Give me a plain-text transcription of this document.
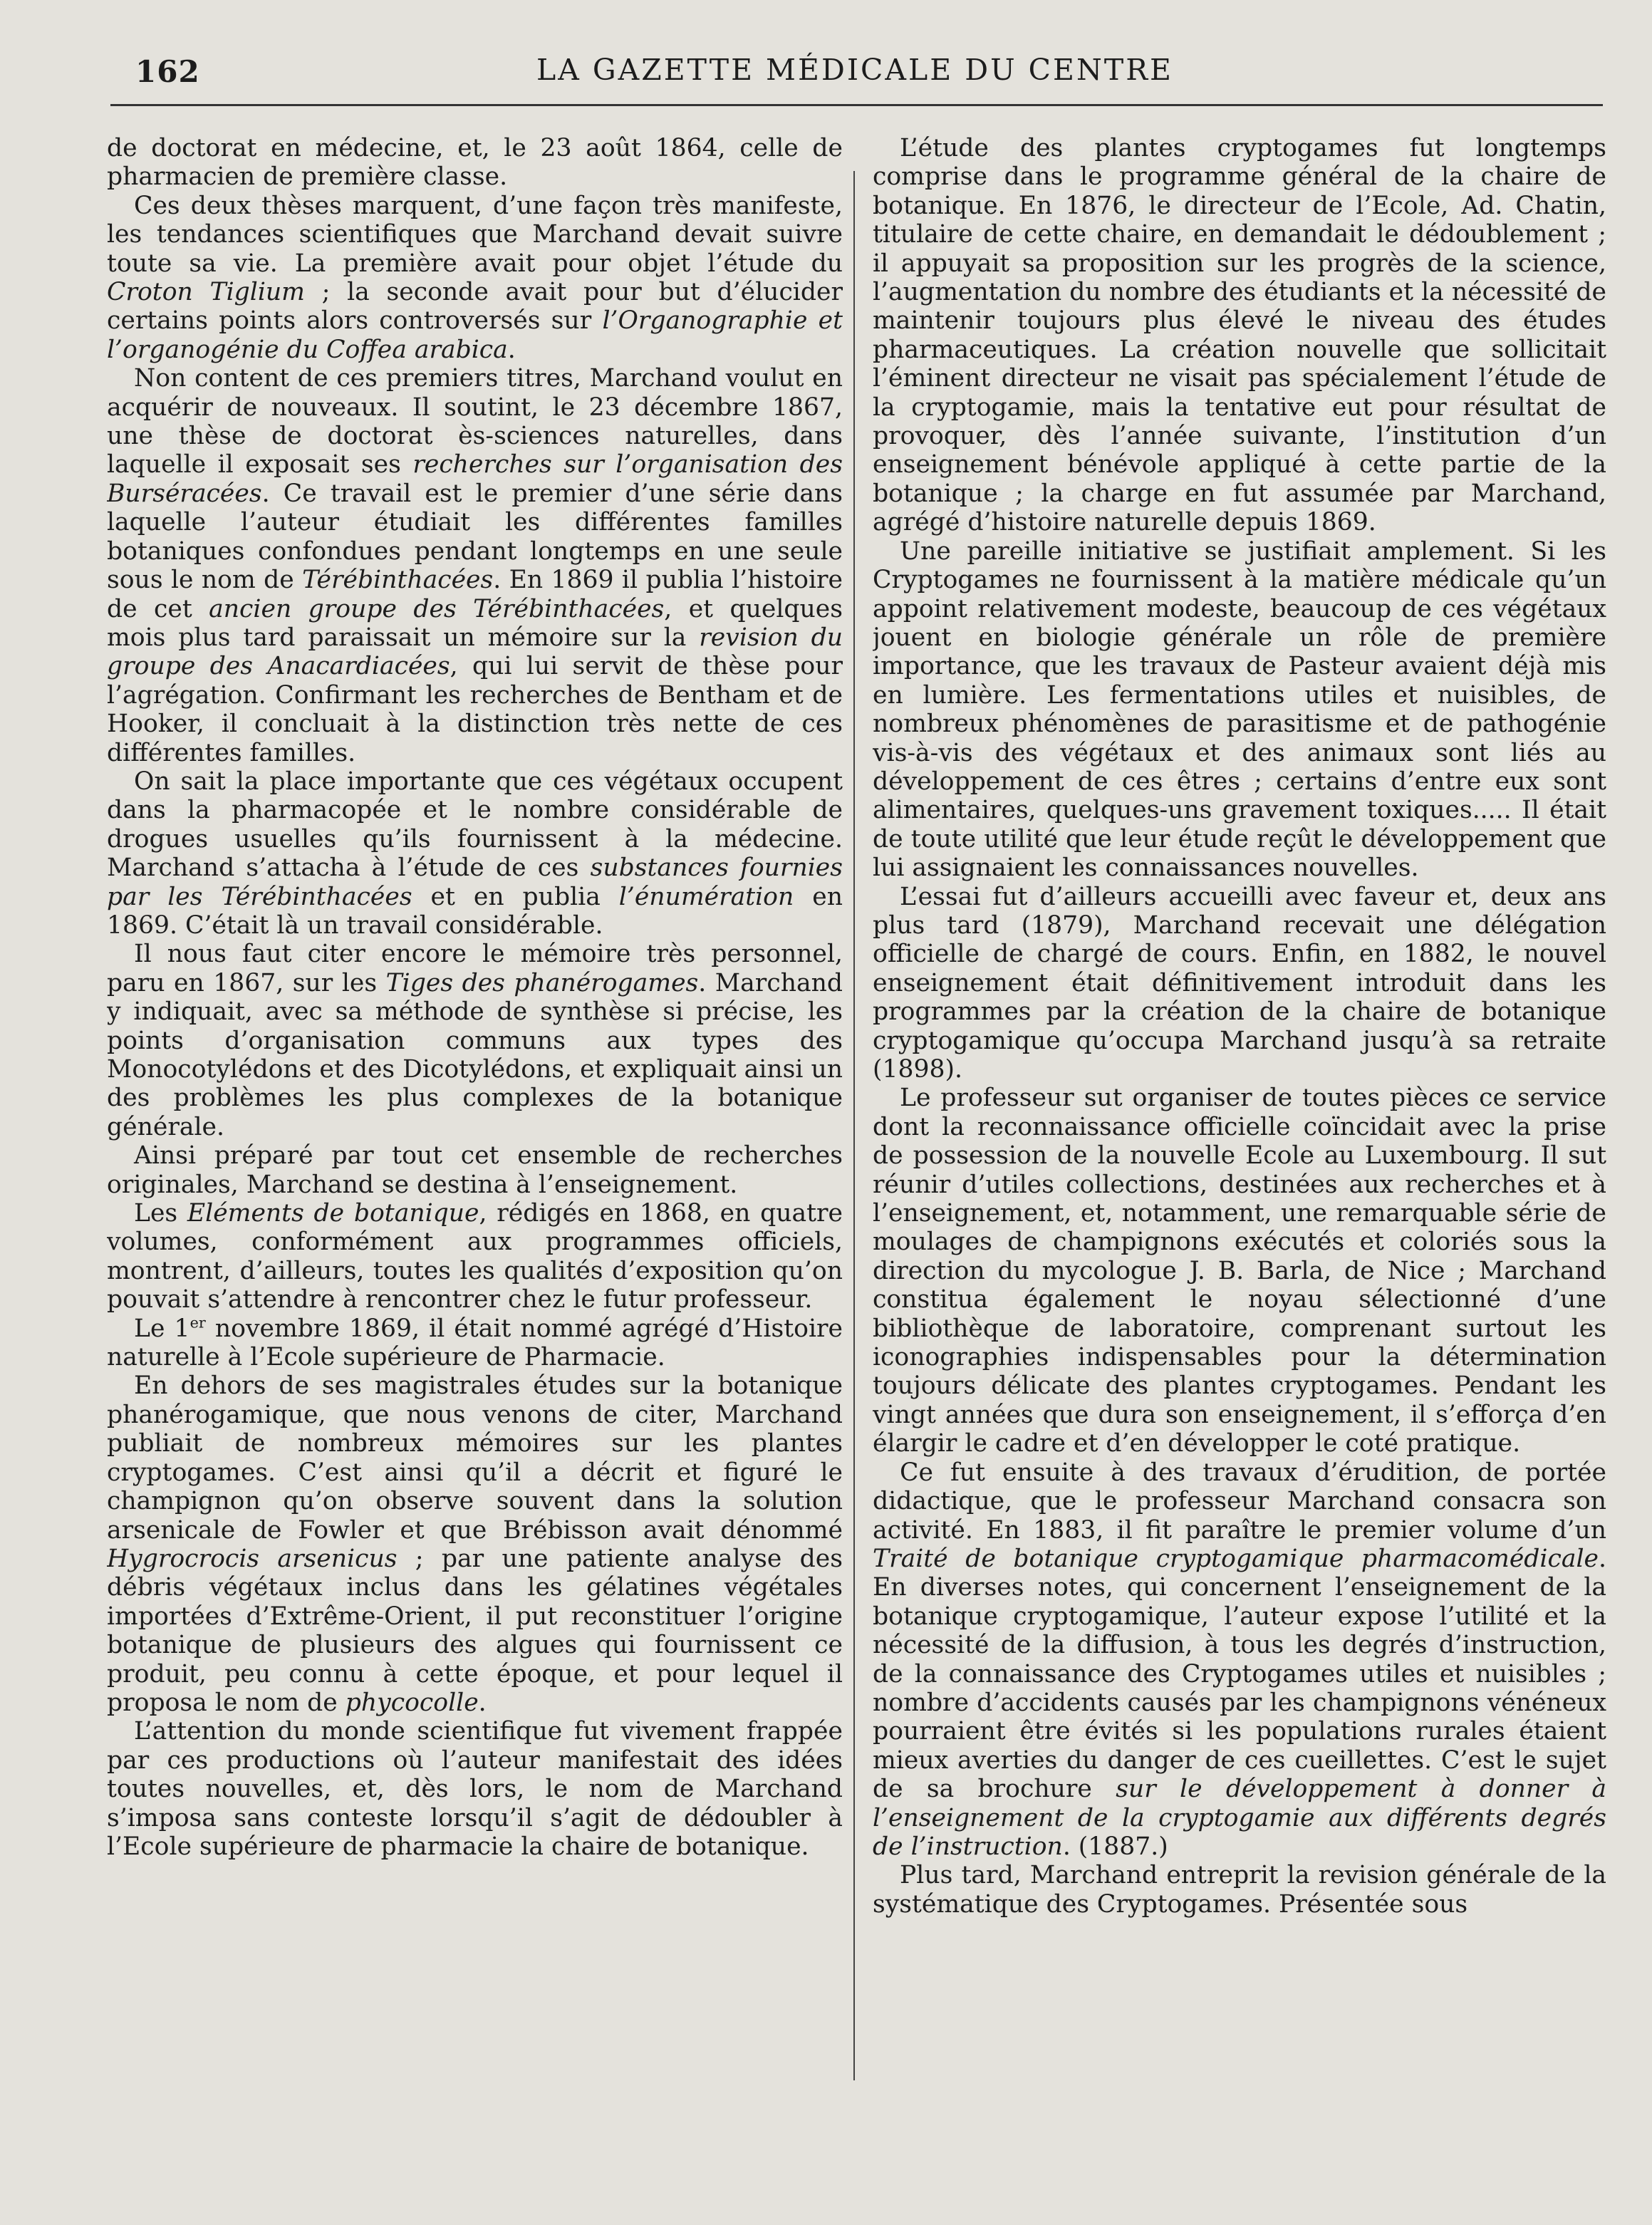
162	LA GAZETTE MÉDICALE DU CENTRE

de doctorat en médecine, et, le 23 août 1864, celle de pharmacien de première classe.

Ces deux thèses marquent, d’une façon très manifeste, les tendances scientifiques que Marchand devait suivre toute sa vie. La première avait pour objet l’étude du Croton Tiglium ; la seconde avait pour but d’élucider certains points alors controversés sur l’Organographie et l’organogénie du Coffea arabica.

Non content de ces premiers titres, Marchand voulut en acquérir de nouveaux. Il soutint, le 23 décembre 1867, une thèse de doctorat ès-sciences naturelles, dans laquelle il exposait ses recherches sur l’organisation des Burséracées. Ce travail est le premier d’une série dans laquelle l’auteur étudiait les différentes familles botaniques confondues pendant longtemps en une seule sous le nom de Térébinthacées. En 1869 il publia l’histoire de cet ancien groupe des Térébinthacées, et quelques mois plus tard paraissait un mémoire sur la revision du groupe des Anacardiacées, qui lui servit de thèse pour l’agrégation. Confirmant les recherches de Bentham et de Hooker, il concluait à la distinction très nette de ces différentes familles.

On sait la place importante que ces végétaux occupent dans la pharmacopée et le nombre considérable de drogues usuelles qu’ils fournissent à la médecine. Marchand s’attacha à l’étude de ces substances fournies par les Térébinthacées et en publia l’énumération en 1869. C’était là un travail considérable.

Il nous faut citer encore le mémoire très personnel, paru en 1867, sur les Tiges des phanérogames. Marchand y indiquait, avec sa méthode de synthèse si précise, les points d’organisation communs aux types des Monocotylédons et des Dicotylédons, et expliquait ainsi un des problèmes les plus complexes de la botanique générale.

Ainsi préparé par tout cet ensemble de recherches originales, Marchand se destina à l’enseignement.

Les Eléments de botanique, rédigés en 1868, en quatre volumes, conformément aux programmes officiels, montrent, d’ailleurs, toutes les qualités d’exposition qu’on pouvait s’attendre à rencontrer chez le futur professeur.

Le 1er novembre 1869, il était nommé agrégé d’Histoire naturelle à l’Ecole supérieure de Pharmacie.

En dehors de ses magistrales études sur la botanique phanérogamique, que nous venons de citer, Marchand publiait de nombreux mémoires sur les plantes cryptogames. C’est ainsi qu’il a décrit et figuré le champignon qu’on observe souvent dans la solution arsenicale de Fowler et que Brébisson avait dénommé Hygrocrocis arsenicus ; par une patiente analyse des débris végétaux inclus dans les gélatines végétales importées d’Extrême-Orient, il put reconstituer l’origine botanique de plusieurs des algues qui fournissent ce produit, peu connu à cette époque, et pour lequel il proposa le nom de phycocolle.

L’attention du monde scientifique fut vivement frappée par ces productions où l’auteur manifestait des idées toutes nouvelles, et, dès lors, le nom de Marchand s’imposa sans conteste lorsqu’il s’agit de dédoubler à l’Ecole supérieure de pharmacie la chaire de botanique.

L’étude des plantes cryptogames fut longtemps comprise dans le programme général de la chaire de botanique. En 1876, le directeur de l’Ecole, Ad. Chatin, titulaire de cette chaire, en demandait le dédoublement ; il appuyait sa proposition sur les progrès de la science, l’augmentation du nombre des étudiants et la nécessité de maintenir toujours plus élevé le niveau des études pharmaceutiques. La création nouvelle que sollicitait l’éminent directeur ne visait pas spécialement l’étude de la cryptogamie, mais la tentative eut pour résultat de provoquer, dès l’année suivante, l’institution d’un enseignement bénévole appliqué à cette partie de la botanique ; la charge en fut assumée par Marchand, agrégé d’histoire naturelle depuis 1869.

Une pareille initiative se justifiait amplement. Si les Cryptogames ne fournissent à la matière médicale qu’un appoint relativement modeste, beaucoup de ces végétaux jouent en biologie générale un rôle de première importance, que les travaux de Pasteur avaient déjà mis en lumière. Les fermentations utiles et nuisibles, de nombreux phénomènes de parasitisme et de pathogénie vis-à-vis des végétaux et des animaux sont liés au développement de ces êtres ; certains d’entre eux sont alimentaires, quelques-uns gravement toxiques..... Il était de toute utilité que leur étude reçût le développement que lui assignaient les connaissances nouvelles.

L’essai fut d’ailleurs accueilli avec faveur et, deux ans plus tard (1879), Marchand recevait une délégation officielle de chargé de cours. Enfin, en 1882, le nouvel enseignement était définitivement introduit dans les programmes par la création de la chaire de botanique cryptogamique qu’occupa Marchand jusqu’à sa retraite (1898).

Le professeur sut organiser de toutes pièces ce service dont la reconnaissance officielle coïncidait avec la prise de possession de la nouvelle Ecole au Luxembourg. Il sut réunir d’utiles collections, destinées aux recherches et à l’enseignement, et, notamment, une remarquable série de moulages de champignons exécutés et coloriés sous la direction du mycologue J. B. Barla, de Nice ; Marchand constitua également le noyau sélectionné d’une bibliothèque de laboratoire, comprenant surtout les iconographies indispensables pour la détermination toujours délicate des plantes cryptogames. Pendant les vingt années que dura son enseignement, il s’efforça d’en élargir le cadre et d’en développer le coté pratique.

Ce fut ensuite à des travaux d’érudition, de portée didactique, que le professeur Marchand consacra son activité. En 1883, il fit paraître le premier volume d’un Traité de botanique cryptogamique pharmacomédicale. En diverses notes, qui concernent l’enseignement de la botanique cryptogamique, l’auteur expose l’utilité et la nécessité de la diffusion, à tous les degrés d’instruction, de la connaissance des Cryptogames utiles et nuisibles ; nombre d’accidents causés par les champignons vénéneux pourraient être évités si les populations rurales étaient mieux averties du danger de ces cueillettes. C’est le sujet de sa brochure sur le développement à donner à l’enseignement de la cryptogamie aux différents degrés de l’instruction. (1887.)

Plus tard, Marchand entreprit la revision générale de la systématique des Cryptogames. Présentée sous
